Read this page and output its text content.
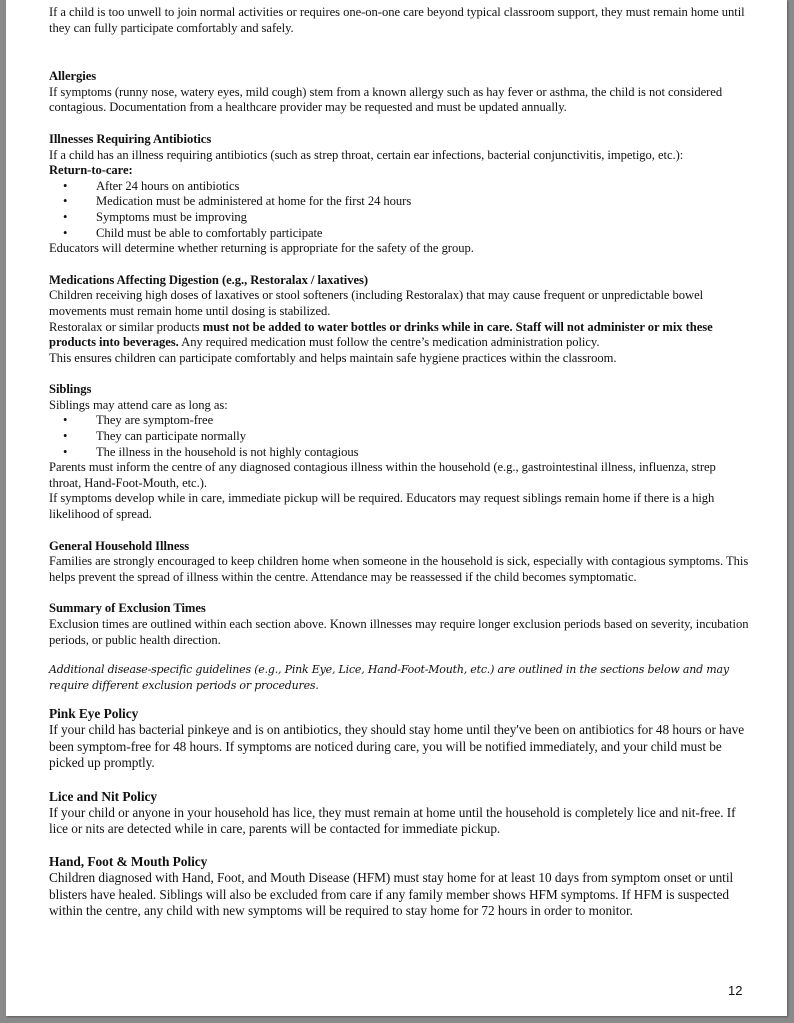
If a child is too unwell to join normal activities or requires one-on-one care beyond typical classroom support, they must remain home until they can fully participate comfortably and safely.

Allergies

If symptoms (runny nose, watery eyes, mild cough) stem from a known allergy such as hay fever or asthma, the child is not considered contagious. Documentation from a healthcare provider may be requested and must be updated annually.

Illnesses Requiring Antibiotics

If a child has an illness requiring antibiotics (such as strep throat, certain ear infections, bacterial conjunctivitis, impetigo, etc.):

Return-to-care:

• After 24 hours on antibiotics
• Medication must be administered at home for the first 24 hours
• Symptoms must be improving
• Child must be able to comfortably participate

Educators will determine whether returning is appropriate for the safety of the group.

Medications Affecting Digestion (e.g., Restoralax / laxatives)

Children receiving high doses of laxatives or stool softeners (including Restoralax) that may cause frequent or unpredictable bowel movements must remain home until dosing is stabilized.

Restoralax or similar products must not be added to water bottles or drinks while in care. Staff will not administer or mix these products into beverages. Any required medication must follow the centre’s medication administration policy.

This ensures children can participate comfortably and helps maintain safe hygiene practices within the classroom.

Siblings

Siblings may attend care as long as:

• They are symptom-free
• They can participate normally
• The illness in the household is not highly contagious

Parents must inform the centre of any diagnosed contagious illness within the household (e.g., gastrointestinal illness, influenza, strep throat, Hand-Foot-Mouth, etc.).

If symptoms develop while in care, immediate pickup will be required. Educators may request siblings remain home if there is a high likelihood of spread.

General Household Illness

Families are strongly encouraged to keep children home when someone in the household is sick, especially with contagious symptoms. This helps prevent the spread of illness within the centre. Attendance may be reassessed if the child becomes symptomatic.

Summary of Exclusion Times

Exclusion times are outlined within each section above. Known illnesses may require longer exclusion periods based on severity, incubation periods, or public health direction.

Additional disease-specific guidelines (e.g., Pink Eye, Lice, Hand-Foot-Mouth, etc.) are outlined in the sections below and may require different exclusion periods or procedures.

Pink Eye Policy

If your child has bacterial pinkeye and is on antibiotics, they should stay home until they've been on antibiotics for 48 hours or have been symptom-free for 48 hours. If symptoms are noticed during care, you will be notified immediately, and your child must be picked up promptly.

Lice and Nit Policy

If your child or anyone in your household has lice, they must remain at home until the household is completely lice and nit-free. If lice or nits are detected while in care, parents will be contacted for immediate pickup.

Hand, Foot & Mouth Policy

Children diagnosed with Hand, Foot, and Mouth Disease (HFM) must stay home for at least 10 days from symptom onset or until blisters have healed. Siblings will also be excluded from care if any family member shows HFM symptoms. If HFM is suspected within the centre, any child with new symptoms will be required to stay home for 72 hours in order to monitor.

12
